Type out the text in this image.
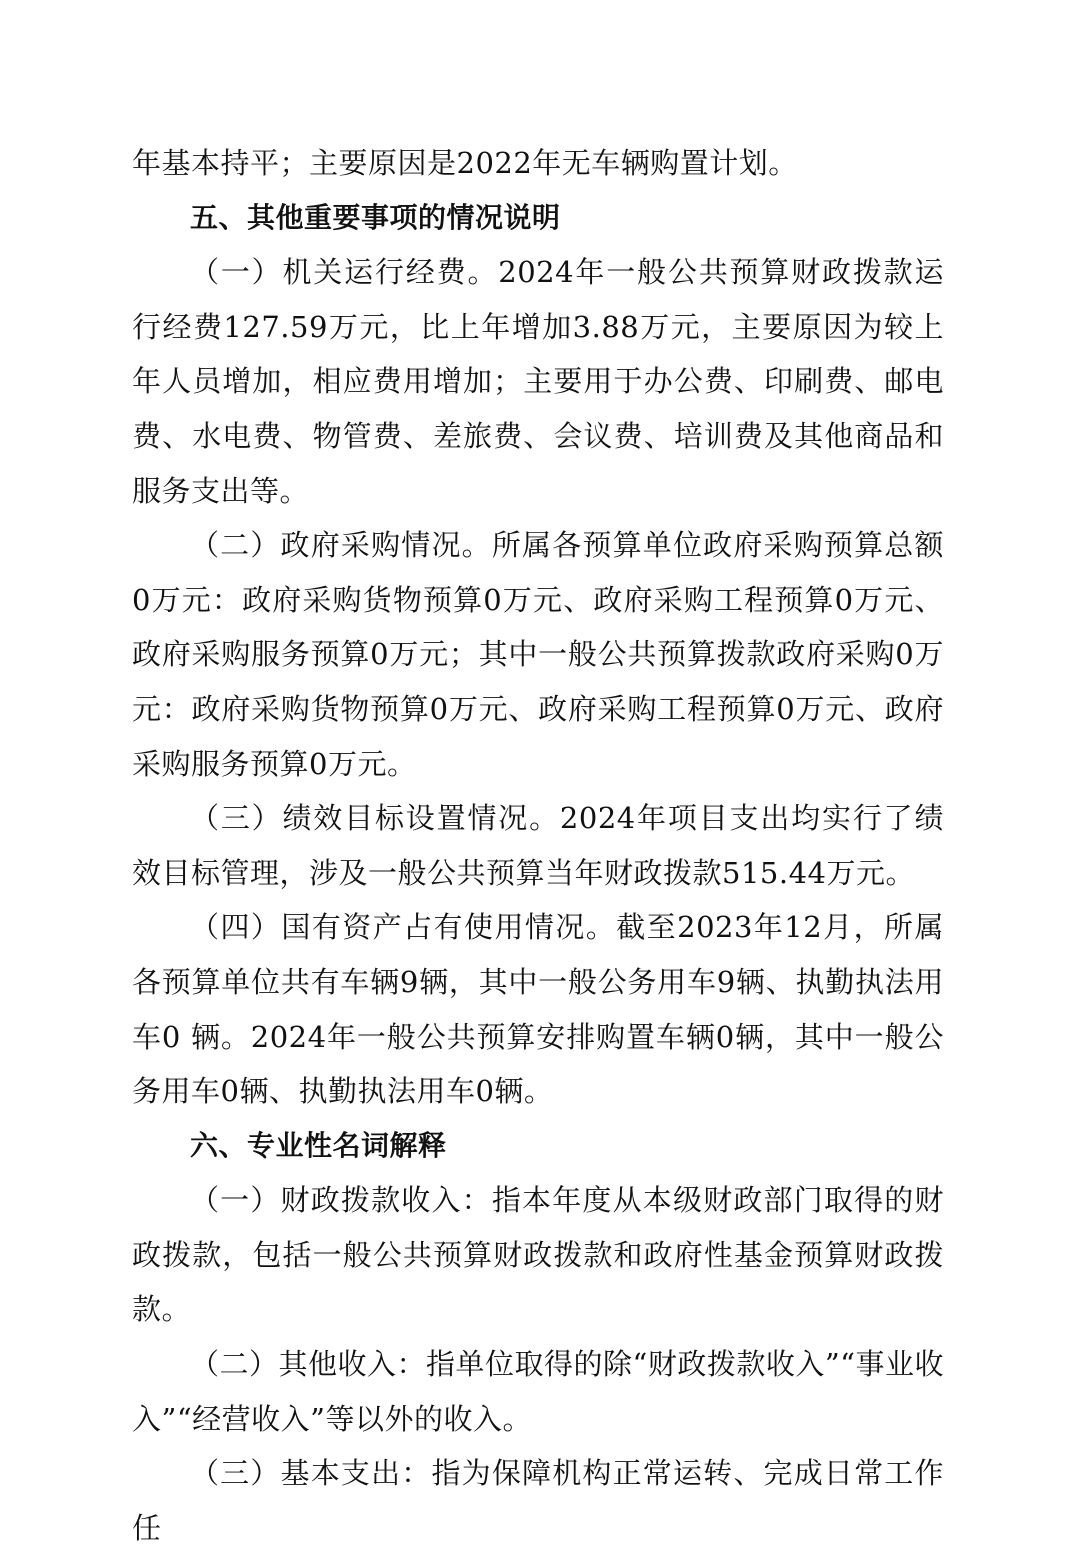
年基本持平；主要原因是2022年无车辆购置计划。

五、其他重要事项的情况说明

（一）机关运行经费。2024年一般公共预算财政拨款运行经费127.59万元，比上年增加3.88万元，主要原因为较上年人员增加，相应费用增加；主要用于办公费、印刷费、邮电费、水电费、物管费、差旅费、会议费、培训费及其他商品和服务支出等。

（二）政府采购情况。所属各预算单位政府采购预算总额0万元：政府采购货物预算0万元、政府采购工程预算0万元、政府采购服务预算0万元；其中一般公共预算拨款政府采购0万元：政府采购货物预算0万元、政府采购工程预算0万元、政府采购服务预算0万元。

（三）绩效目标设置情况。2024年项目支出均实行了绩效目标管理，涉及一般公共预算当年财政拨款515.44万元。

（四）国有资产占有使用情况。截至2023年12月，所属各预算单位共有车辆9辆，其中一般公务用车9辆、执勤执法用车0 辆。2024年一般公共预算安排购置车辆0辆，其中一般公务用车0辆、执勤执法用车0辆。

六、专业性名词解释

（一）财政拨款收入：指本年度从本级财政部门取得的财政拨款，包括一般公共预算财政拨款和政府性基金预算财政拨款。

（二）其他收入：指单位取得的除“财政拨款收入”“事业收入”“经营收入”等以外的收入。

（三）基本支出：指为保障机构正常运转、完成日常工作任
